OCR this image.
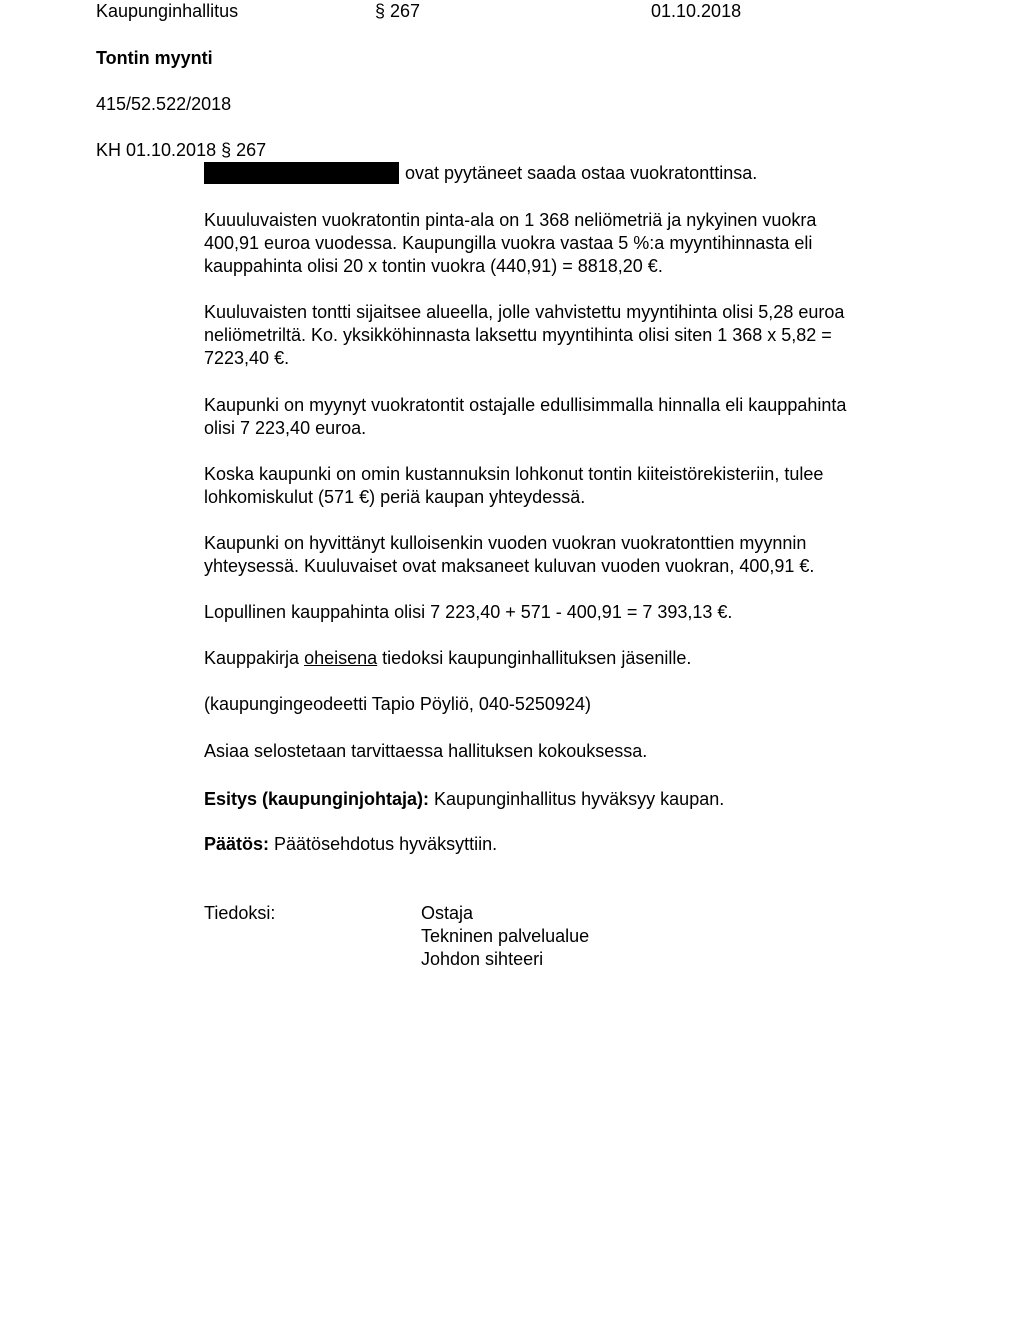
Kaupunginhallitus	§ 267	01.10.2018
Tontin myynti
415/52.522/2018
KH 01.10.2018 § 267
ovat pyytäneet saada ostaa vuokratonttinsa.
Kuuuluvaisten vuokratontin pinta-ala on 1 368 neliömetriä ja nykyinen vuokra
400,91 euroa vuodessa. Kaupungilla vuokra vastaa 5 %:a myyntihinnasta eli
kauppahinta olisi 20 x tontin vuokra (440,91) = 8818,20 €.
Kuuluvaisten tontti sijaitsee alueella, jolle vahvistettu myyntihinta olisi 5,28 euroa
neliömetriltä. Ko. yksikköhinnasta laksettu myyntihinta olisi siten 1 368 x 5,82 =
7223,40 €.
Kaupunki on myynyt vuokratontit ostajalle edullisimmalla hinnalla eli kauppahinta
olisi 7 223,40 euroa.
Koska kaupunki on omin kustannuksin lohkonut tontin kiiteistörekisteriin, tulee
lohkomiskulut (571 €) periä kaupan yhteydessä.
Kaupunki on hyvittänyt kulloisenkin vuoden vuokran vuokratonttien myynnin
yhteysessä. Kuuluvaiset ovat maksaneet kuluvan vuoden vuokran, 400,91 €.
Lopullinen kauppahinta olisi 7 223,40 + 571 - 400,91 = 7 393,13 €.
Kauppakirja oheisena tiedoksi kaupunginhallituksen jäsenille.
(kaupungingeodeetti Tapio Pöyliö, 040-5250924)
Asiaa selostetaan tarvittaessa hallituksen kokouksessa.
Esitys (kaupunginjohtaja): Kaupunginhallitus hyväksyy kaupan.
Päätös: Päätösehdotus hyväksyttiin.
Tiedoksi:	Ostaja
Tekninen palvelualue
Johdon sihteeri
